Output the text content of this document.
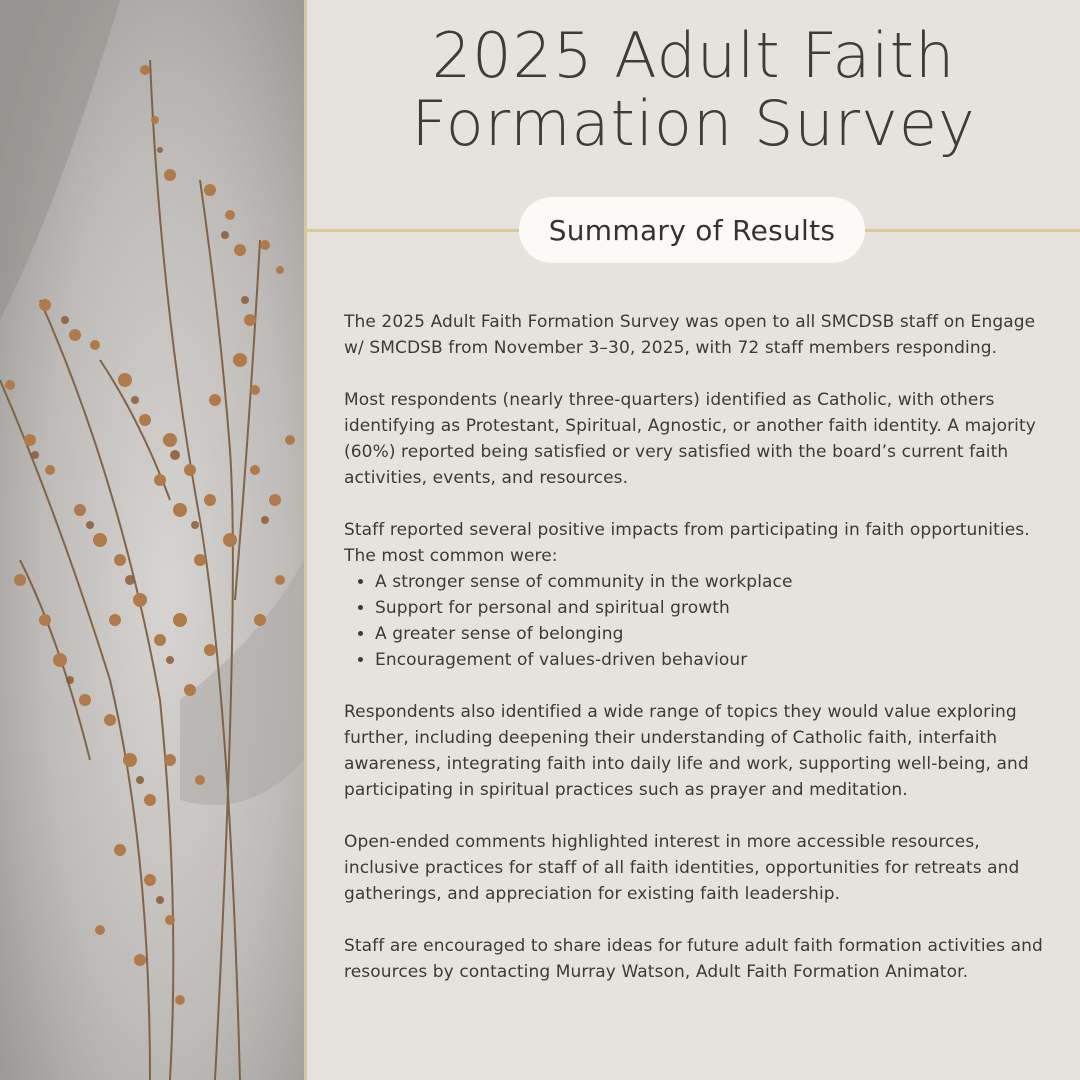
2025 Adult Faith
Formation Survey
Summary of Results

The 2025 Adult Faith Formation Survey was open to all SMCDSB staff on Engage w/ SMCDSB from November 3–30, 2025, with 72 staff members responding.

Most respondents (nearly three-quarters) identified as Catholic, with others identifying as Protestant, Spiritual, Agnostic, or another faith identity. A majority (60%) reported being satisfied or very satisfied with the board’s current faith activities, events, and resources.

Staff reported several positive impacts from participating in faith opportunities. The most common were:

• A stronger sense of community in the workplace
• Support for personal and spiritual growth
• A greater sense of belonging
• Encouragement of values-driven behaviour

Respondents also identified a wide range of topics they would value exploring further, including deepening their understanding of Catholic faith, interfaith awareness, integrating faith into daily life and work, supporting well-being, and participating in spiritual practices such as prayer and meditation.

Open-ended comments highlighted interest in more accessible resources, inclusive practices for staff of all faith identities, opportunities for retreats and gatherings, and appreciation for existing faith leadership.

Staff are encouraged to share ideas for future adult faith formation activities and resources by contacting Murray Watson, Adult Faith Formation Animator.
